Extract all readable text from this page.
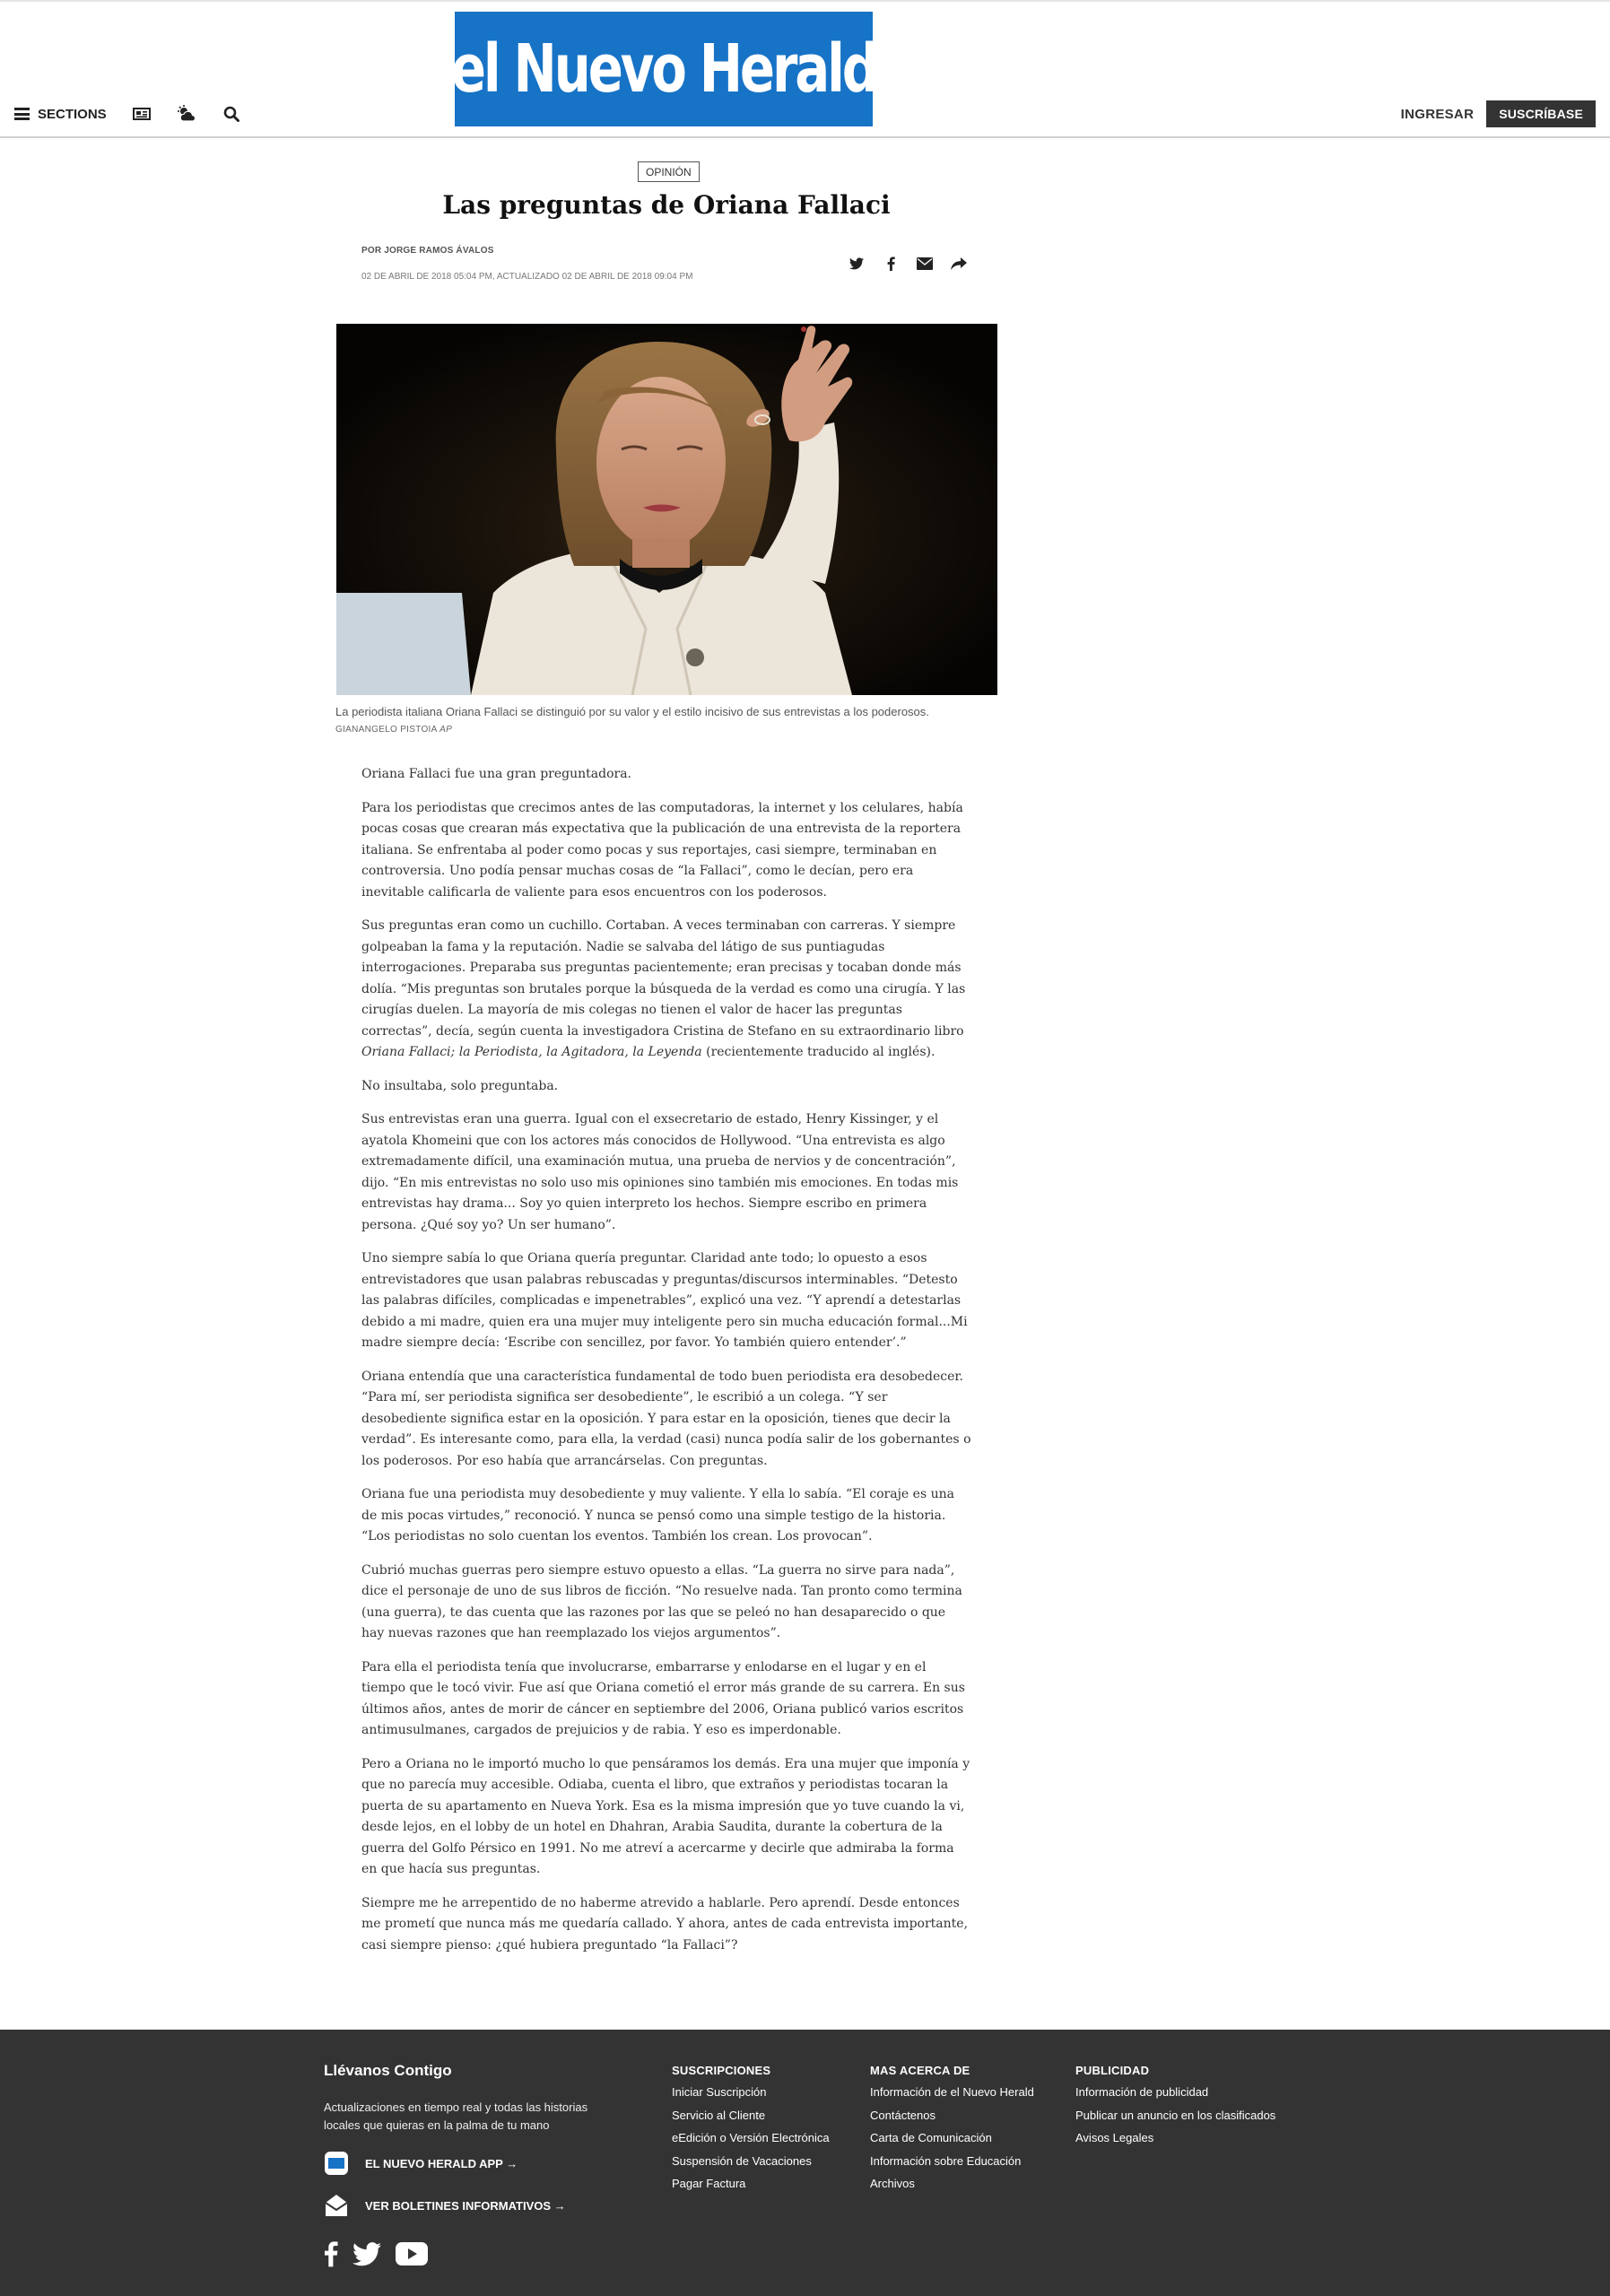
el Nuevo Herald
SECTIONS	INGRESAR	SUSCRÍBASE
OPINIÓN
Las preguntas de Oriana Fallaci
POR JORGE RAMOS ÁVALOS
02 DE ABRIL DE 2018 05:04 PM, ACTUALIZADO 02 DE ABRIL DE 2018 09:04 PM
La periodista italiana Oriana Fallaci se distinguió por su valor y el estilo incisivo de sus entrevistas a los poderosos.
GIANANGELO PISTOIA AP

Oriana Fallaci fue una gran preguntadora.

Para los periodistas que crecimos antes de las computadoras, la internet y los celulares, había pocas cosas que crearan más expectativa que la publicación de una entrevista de la reportera italiana. Se enfrentaba al poder como pocas y sus reportajes, casi siempre, terminaban en controversia. Uno podía pensar muchas cosas de “la Fallaci”, como le decían, pero era inevitable calificarla de valiente para esos encuentros con los poderosos.

Sus preguntas eran como un cuchillo. Cortaban. A veces terminaban con carreras. Y siempre golpeaban la fama y la reputación. Nadie se salvaba del látigo de sus puntiagudas interrogaciones. Preparaba sus preguntas pacientemente; eran precisas y tocaban donde más dolía. “Mis preguntas son brutales porque la búsqueda de la verdad es como una cirugía. Y las cirugías duelen. La mayoría de mis colegas no tienen el valor de hacer las preguntas correctas”, decía, según cuenta la investigadora Cristina de Stefano en su extraordinario libro Oriana Fallaci; la Periodista, la Agitadora, la Leyenda (recientemente traducido al inglés).

No insultaba, solo preguntaba.

Sus entrevistas eran una guerra. Igual con el exsecretario de estado, Henry Kissinger, y el ayatola Khomeini que con los actores más conocidos de Hollywood. “Una entrevista es algo extremadamente difícil, una examinación mutua, una prueba de nervios y de concentración”, dijo. “En mis entrevistas no solo uso mis opiniones sino también mis emociones. En todas mis entrevistas hay drama... Soy yo quien interpreto los hechos. Siempre escribo en primera persona. ¿Qué soy yo? Un ser humano”.

Uno siempre sabía lo que Oriana quería preguntar. Claridad ante todo; lo opuesto a esos entrevistadores que usan palabras rebuscadas y preguntas/discursos interminables. “Detesto las palabras difíciles, complicadas e impenetrables”, explicó una vez. “Y aprendí a detestarlas debido a mi madre, quien era una mujer muy inteligente pero sin mucha educación formal...Mi madre siempre decía: ‘Escribe con sencillez, por favor. Yo también quiero entender’.”

Oriana entendía que una característica fundamental de todo buen periodista era desobedecer. “Para mí, ser periodista significa ser desobediente”, le escribió a un colega. “Y ser desobediente significa estar en la oposición. Y para estar en la oposición, tienes que decir la verdad”. Es interesante como, para ella, la verdad (casi) nunca podía salir de los gobernantes o los poderosos. Por eso había que arrancárselas. Con preguntas.

Oriana fue una periodista muy desobediente y muy valiente. Y ella lo sabía. “El coraje es una de mis pocas virtudes,” reconoció. Y nunca se pensó como una simple testigo de la historia. “Los periodistas no solo cuentan los eventos. También los crean. Los provocan”.

Cubrió muchas guerras pero siempre estuvo opuesto a ellas. “La guerra no sirve para nada”, dice el personaje de uno de sus libros de ficción. “No resuelve nada. Tan pronto como termina (una guerra), te das cuenta que las razones por las que se peleó no han desaparecido o que hay nuevas razones que han reemplazado los viejos argumentos”.

Para ella el periodista tenía que involucrarse, embarrarse y enlodarse en el lugar y en el tiempo que le tocó vivir. Fue así que Oriana cometió el error más grande de su carrera. En sus últimos años, antes de morir de cáncer en septiembre del 2006, Oriana publicó varios escritos antimusulmanes, cargados de prejuicios y de rabia. Y eso es imperdonable.

Pero a Oriana no le importó mucho lo que pensáramos los demás. Era una mujer que imponía y que no parecía muy accesible. Odiaba, cuenta el libro, que extraños y periodistas tocaran la puerta de su apartamento en Nueva York. Esa es la misma impresión que yo tuve cuando la vi, desde lejos, en el lobby de un hotel en Dhahran, Arabia Saudita, durante la cobertura de la guerra del Golfo Pérsico en 1991. No me atreví a acercarme y decirle que admiraba la forma en que hacía sus preguntas.

Siempre me he arrepentido de no haberme atrevido a hablarle. Pero aprendí. Desde entonces me prometí que nunca más me quedaría callado. Y ahora, antes de cada entrevista importante, casi siempre pienso: ¿qué hubiera preguntado “la Fallaci”?

Llévanos Contigo
Actualizaciones en tiempo real y todas las historias locales que quieras en la palma de tu mano
EL NUEVO HERALD APP →
VER BOLETINES INFORMATIVOS →
SUSCRIPCIONES
Iniciar Suscripción
Servicio al Cliente
eEdición o Versión Electrónica
Suspensión de Vacaciones
Pagar Factura
MAS ACERCA DE
Información de el Nuevo Herald
Contáctenos
Carta de Comunicación
Información sobre Educación
Archivos
PUBLICIDAD
Información de publicidad
Publicar un anuncio en los clasificados
Avisos Legales
